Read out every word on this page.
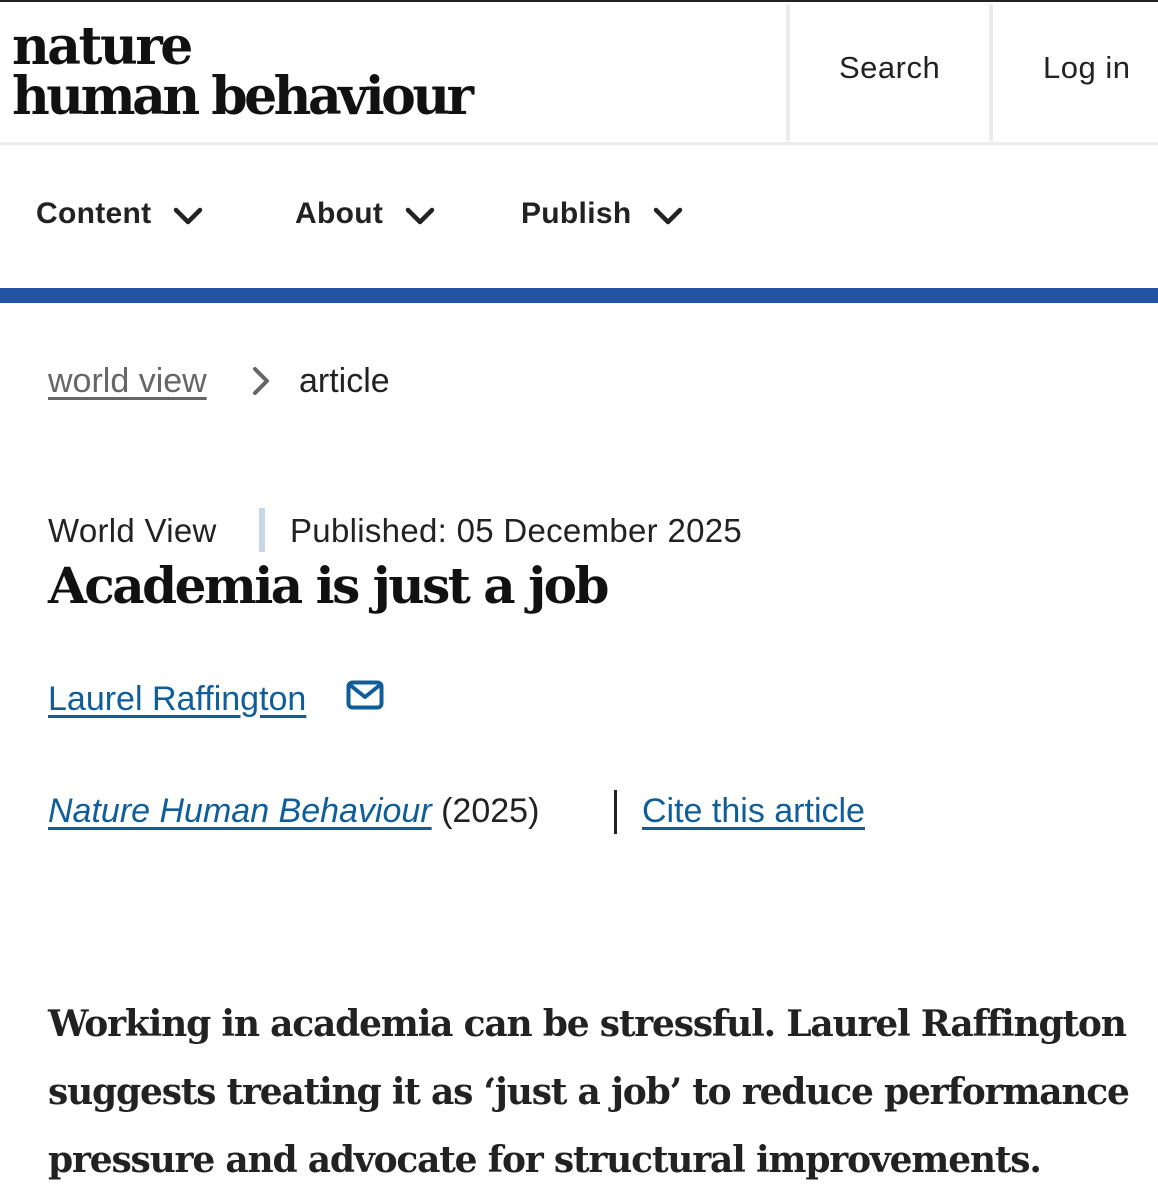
nature
human behaviour	Search	Log in
Content	About	Publish
world view	article
World View Published: 05 December 2025
Academia is just a job
Laurel Raffington
Nature Human Behaviour (2025)	Cite this article

Working in academia can be stressful. Laurel Raffington suggests treating it as ‘just a job’ to reduce performance pressure and advocate for structural improvements.
